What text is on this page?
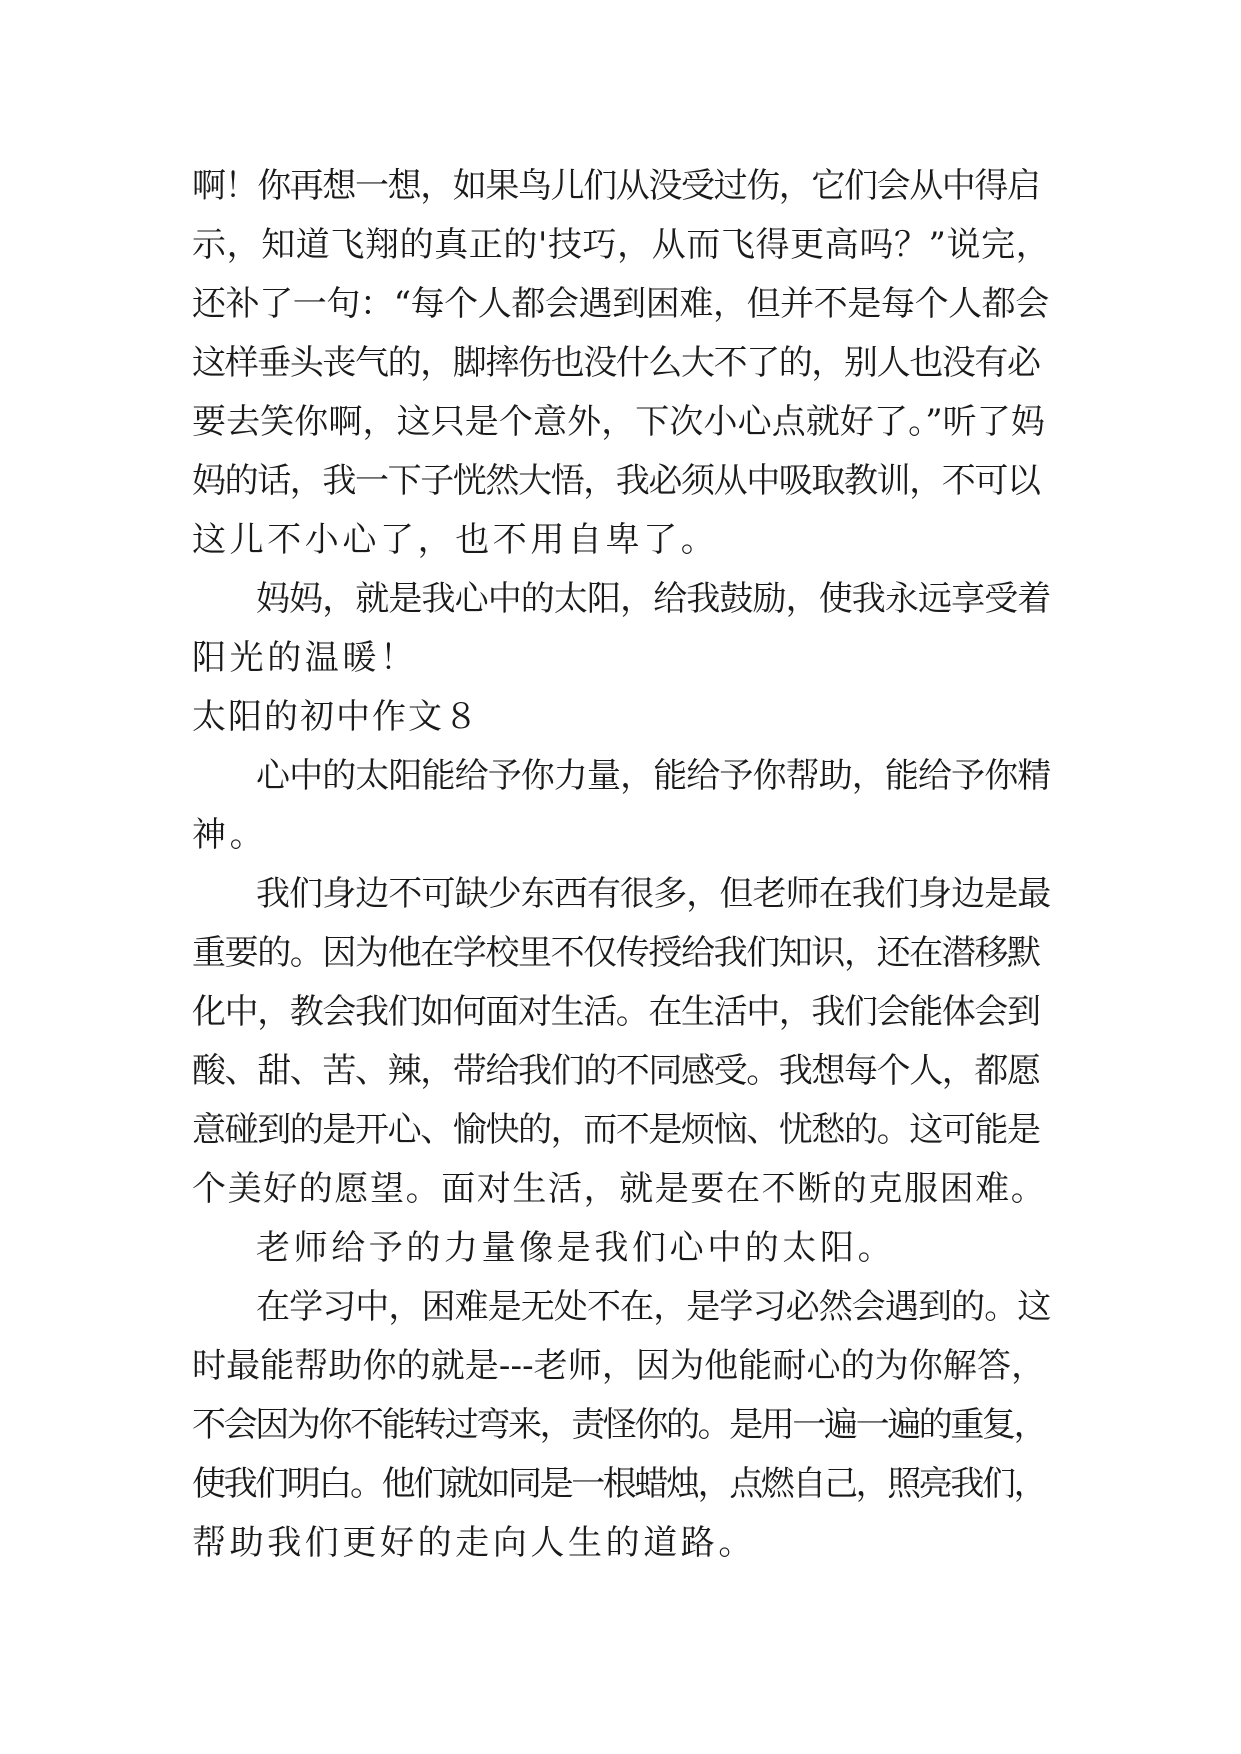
啊！你再想一想，如果鸟儿们从没受过伤，它们会从中得启
示，知道飞翔的真正的'技巧，从而飞得更高吗？”说完，
还补了一句：“每个人都会遇到困难，但并不是每个人都会
这样垂头丧气的，脚摔伤也没什么大不了的，别人也没有必
要去笑你啊，这只是个意外，下次小心点就好了。”听了妈
妈的话，我一下子恍然大悟，我必须从中吸取教训，不可以
这儿不小心了，也不用自卑了。
妈妈，就是我心中的太阳，给我鼓励，使我永远享受着
阳光的温暖！
太阳的初中作文８
心中的太阳能给予你力量，能给予你帮助，能给予你精
神。
我们身边不可缺少东西有很多，但老师在我们身边是最
重要的。因为他在学校里不仅传授给我们知识，还在潜移默
化中，教会我们如何面对生活。在生活中，我们会能体会到
酸、甜、苦、辣，带给我们的不同感受。我想每个人，都愿
意碰到的是开心、愉快的，而不是烦恼、忧愁的。这可能是
个美好的愿望。面对生活，就是要在不断的克服困难。
老师给予的力量像是我们心中的太阳。
在学习中，困难是无处不在，是学习必然会遇到的。这
时最能帮助你的就是---老师，因为他能耐心的为你解答，
不会因为你不能转过弯来，责怪你的。是用一遍一遍的重复，
使我们明白。他们就如同是一根蜡烛，点燃自己，照亮我们，
帮助我们更好的走向人生的道路。
